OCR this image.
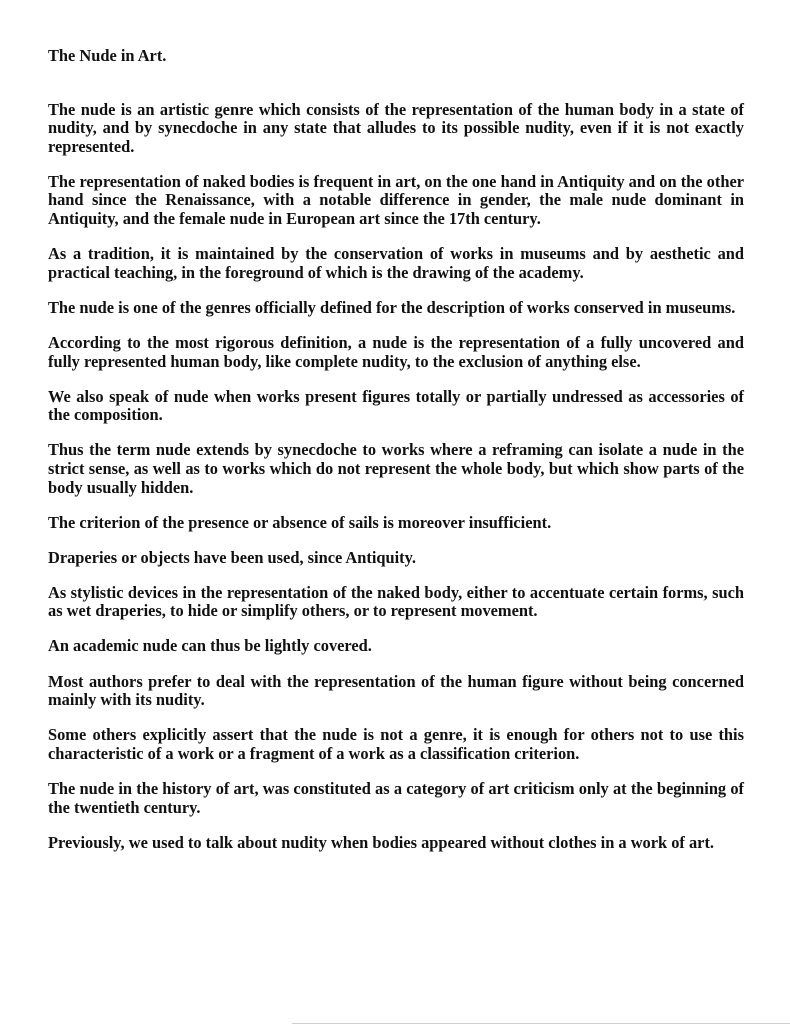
The Nude in Art.
The nude is an artistic genre which consists of the representation of the human body in a state of nudity, and by synecdoche in any state that alludes to its possible nudity, even if it is not exactly represented.
The representation of naked bodies is frequent in art, on the one hand in Antiquity and on the other hand since the Renaissance, with a notable difference in gender, the male nude dominant in Antiquity, and the female nude in European art since the 17th century.
As a tradition, it is maintained by the conservation of works in museums and by aesthetic and practical teaching, in the foreground of which is the drawing of the academy.
The nude is one of the genres officially defined for the description of works conserved in museums.
According to the most rigorous definition, a nude is the representation of a fully uncovered and fully represented human body, like complete nudity, to the exclusion of anything else.
We also speak of nude when works present figures totally or partially undressed as accessories of the composition.
Thus the term nude extends by synecdoche to works where a reframing can isolate a nude in the strict sense, as well as to works which do not represent the whole body, but which show parts of the body usually hidden.
The criterion of the presence or absence of sails is moreover insufficient.
Draperies or objects have been used, since Antiquity.
As stylistic devices in the representation of the naked body, either to accentuate certain forms, such as wet draperies, to hide or simplify others, or to represent movement.
An academic nude can thus be lightly covered.
Most authors prefer to deal with the representation of the human figure without being concerned mainly with its nudity.
Some others explicitly assert that the nude is not a genre, it is enough for others not to use this characteristic of a work or a fragment of a work as a classification criterion.
The nude in the history of art, was constituted as a category of art criticism only at the beginning of the twentieth century.
Previously, we used to talk about nudity when bodies appeared without clothes in a work of art.
